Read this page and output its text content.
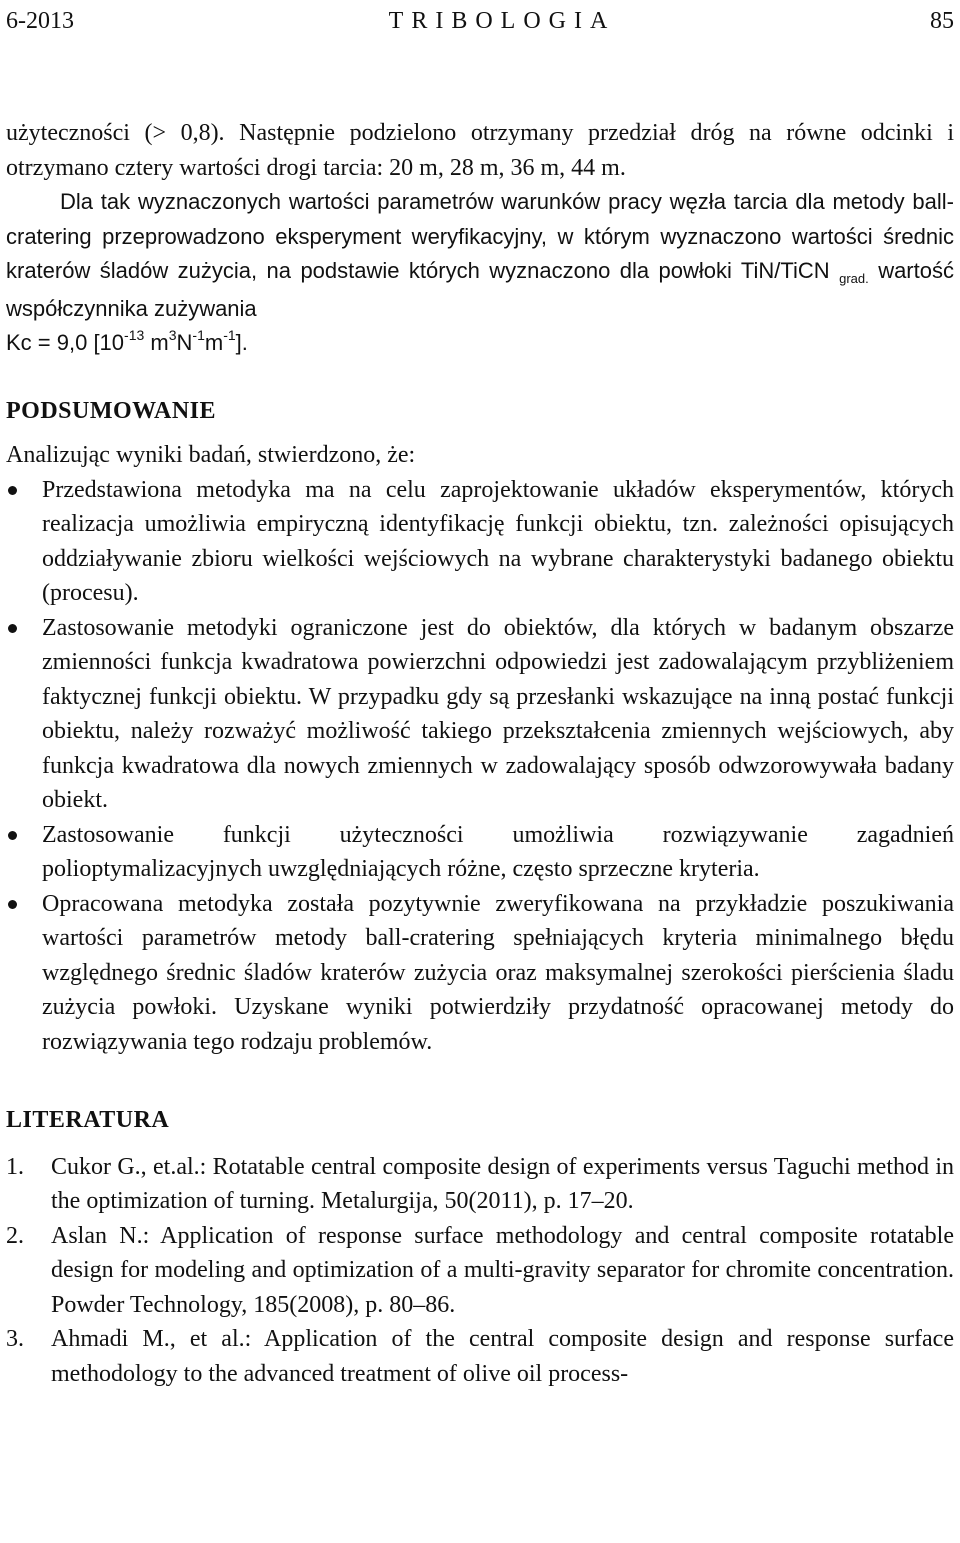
6-2013	TRIBOLOGIA	85

użyteczności (> 0,8). Następnie podzielono otrzymany przedział dróg na równe odcinki i otrzymano cztery wartości drogi tarcia: 20 m, 28 m, 36 m, 44 m.

Dla tak wyznaczonych wartości parametrów warunków pracy węzła tarcia dla metody ball-cratering przeprowadzono eksperyment weryfikacyjny, w którym wyznaczono wartości średnic kraterów śladów zużycia, na podstawie których wyznaczono dla powłoki TiN/TiCN $_{grad.}$ wartość współczynnika zużywania
Kc = 9,0 [$10^{-13}$ $m^3N^{-1}m^{-1}$].

PODSUMOWANIE

Analizując wyniki badań, stwierdzono, że:

Przedstawiona metodyka ma na celu zaprojektowanie układów eksperymentów, których realizacja umożliwia empiryczną identyfikację funkcji obiektu, tzn. zależności opisujących oddziaływanie zbioru wielkości wejściowych na wybrane charakterystyki badanego obiektu (procesu).
Zastosowanie metodyki ograniczone jest do obiektów, dla których w badanym obszarze zmienności funkcja kwadratowa powierzchni odpowiedzi jest zadowalającym przybliżeniem faktycznej funkcji obiektu. W przypadku gdy są przesłanki wskazujące na inną postać funkcji obiektu, należy rozważyć możliwość takiego przekształcenia zmiennych wejściowych, aby funkcja kwadratowa dla nowych zmiennych w zadowalający sposób odwzorowywała badany obiekt.
Zastosowanie funkcji użyteczności umożliwia rozwiązywanie zagadnień polioptymalizacyjnych uwzględniających różne, często sprzeczne kryteria.
Opracowana metodyka została pozytywnie zweryfikowana na przykładzie poszukiwania wartości parametrów metody ball-cratering spełniających kryteria minimalnego błędu względnego średnic śladów kraterów zużycia oraz maksymalnej szerokości pierścienia śladu zużycia powłoki. Uzyskane wyniki potwierdziły przydatność opracowanej metody do rozwiązywania tego rodzaju problemów.
LITERATURA
1. Cukor G., et.al.: Rotatable central composite design of experiments versus Taguchi method in the optimization of turning. Metalurgija, 50(2011), p. 17–20.
2. Aslan N.: Application of response surface methodology and central composite rotatable design for modeling and optimization of a multi-gravity separator for chromite concentration. Powder Technology, 185(2008), p. 80–86.
3. Ahmadi M., et al.: Application of the central composite design and response surface methodology to the advanced treatment of olive oil process-
